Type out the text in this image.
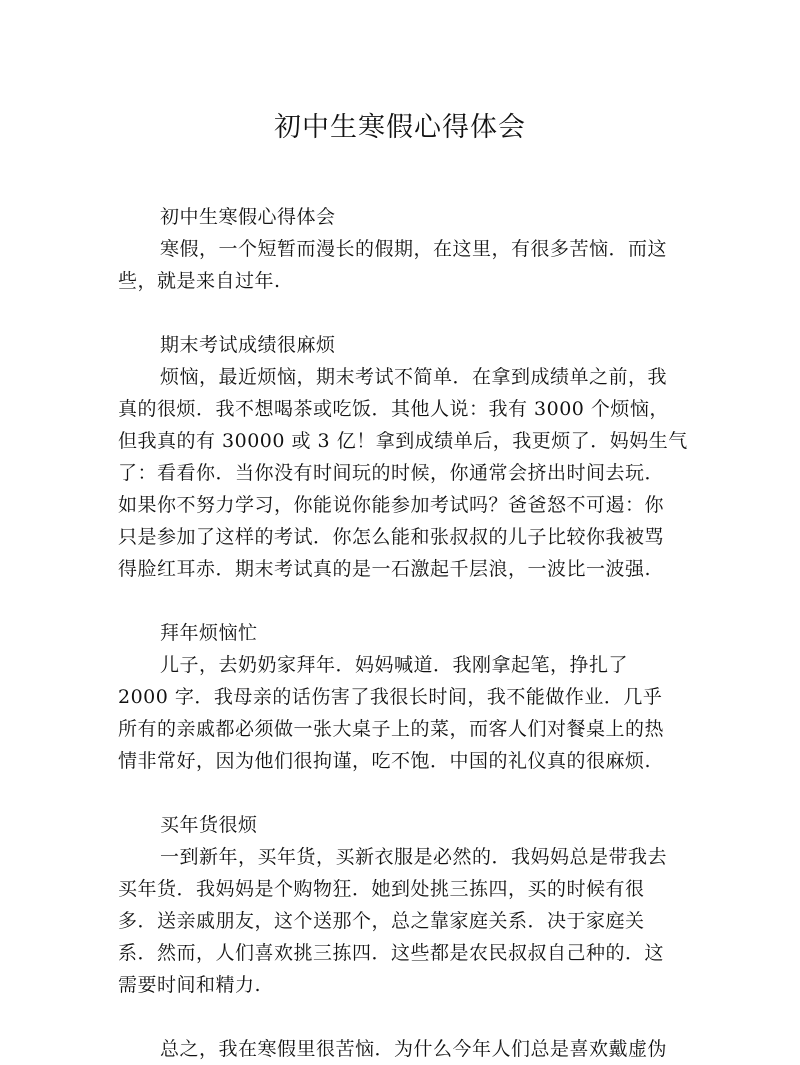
初中生寒假心得体会
初中生寒假心得体会
寒假，一个短暂而漫长的假期，在这里，有很多苦恼．而这
些，就是来自过年.
期末考试成绩很麻烦
烦恼，最近烦恼，期末考试不简单．在拿到成绩单之前，我
真的很烦．我不想喝茶或吃饭．其他人说：我有 3000 个烦恼，
但我真的有 30000 或 3 亿！拿到成绩单后，我更烦了．妈妈生气
了：看看你．当你没有时间玩的时候，你通常会挤出时间去玩．
如果你不努力学习，你能说你能参加考试吗？爸爸怒不可遏：你
只是参加了这样的考试．你怎么能和张叔叔的儿子比较你我被骂
得脸红耳赤．期末考试真的是一石激起千层浪，一波比一波强.
拜年烦恼忙
儿子，去奶奶家拜年．妈妈喊道．我刚拿起笔，挣扎了
2000 字．我母亲的话伤害了我很长时间，我不能做作业．几乎
所有的亲戚都必须做一张大桌子上的菜，而客人们对餐桌上的热
情非常好，因为他们很拘谨，吃不饱．中国的礼仪真的很麻烦.
买年货很烦
一到新年，买年货，买新衣服是必然的．我妈妈总是带我去
买年货．我妈妈是个购物狂．她到处挑三拣四，买的时候有很
多．送亲戚朋友，这个送那个，总之靠家庭关系．决于家庭关
系．然而，人们喜欢挑三拣四．这些都是农民叔叔自己种的．这
需要时间和精力.
总之，我在寒假里很苦恼．为什么今年人们总是喜欢戴虚伪
